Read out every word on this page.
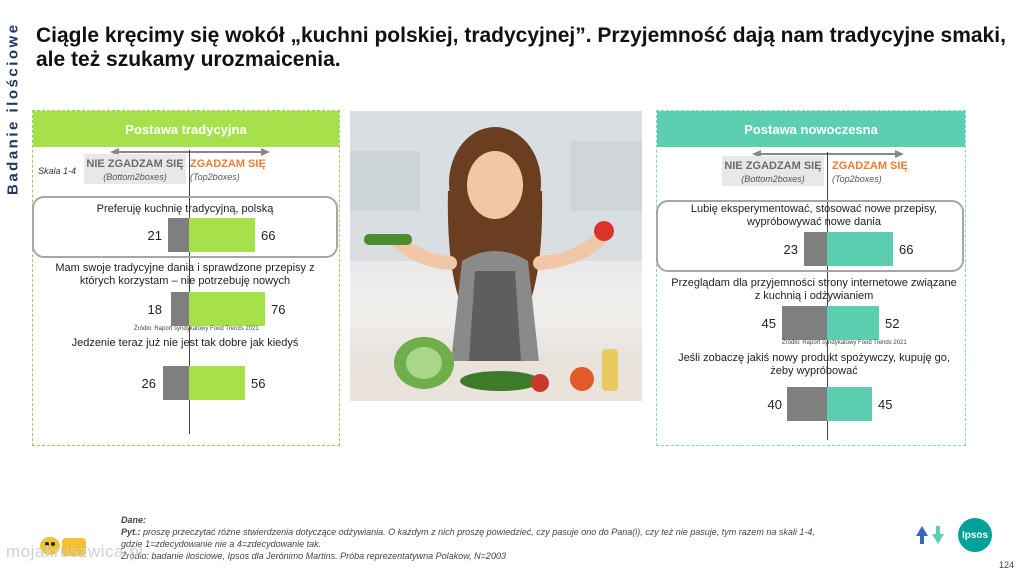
Badanie ilościowe Ciągle kręcimy się wokół „kuchni polskiej, tradycyjnej”. Przyjemność dają nam tradycyjne smaki, ale też szukamy urozmaicenia.
Postawa tradycyjna
Skala 1-4
NIE ZGADZAM SIĘ
(Bottom2boxes)
ZGADZAM SIĘ
(Top2boxes)
Preferuję kuchnię tradycyjną, polską
21	66
Mam swoje tradycyjne dania i sprawdzone przepisy z których korzystam – nie potrzebuję nowych
18	76
Źródło: Raport syndykatowy Food Trends 2021
Jedzenie teraz już nie jest tak dobre jak kiedyś
26	56
Postawa nowoczesna
NIE ZGADZAM SIĘ
(Bottom2boxes)
ZGADZAM SIĘ
(Top2boxes)
Lubię eksperymentować, stosować nowe przepisy, wypróbowywać nowe dania
23	66
Przeglądam dla przyjemności strony internetowe związane z kuchnią i odżywianiem
45	52
Źródło: Raport syndykatowy Food Trends 2021
Jeśli zobaczę jakiś nowy produkt spożywczy, kupuję go, żeby wypróbować
40	45
Dane:
Pyt.: proszę przeczytać różne stwierdzenia dotyczące odżywiania. O każdym z nich proszę powiedzieć, czy pasuje ono do Pana(i), czy też nie pasuje, tym razem na skali 1-4,
gdzie 1=zdecydowanie nie a 4=zdecydowanie tak.
Źródło: badanie ilościowe, Ipsos dla Jerónimo Martins. Próba reprezentatywna Polakow, N=2003
Ipsos
mojakruszwica.pl
124
